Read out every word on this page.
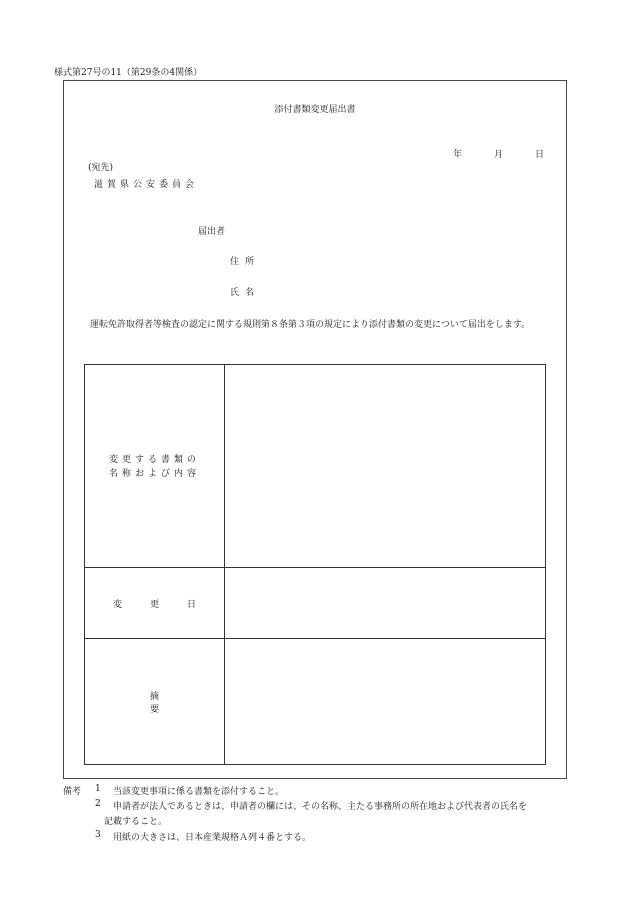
様式第27号の11（第29条の4関係）
添付書類変更届出書
年	月	日
(宛先)
滋賀県公安委員会
届出者
住所
氏名
運転免許取得者等検査の認定に関する規則第８条第３項の規定により添付書類の変更について届出をします。
変更する書類の
名称および内容
変更日
摘要
備考 1 当該変更事項に係る書類を添付すること。
2 申請者が法人であるときは、申請者の欄には、その名称、主たる事務所の所在地および代表者の氏名を
記載すること。
3 用紙の大きさは、日本産業規格Ａ列４番とする。
